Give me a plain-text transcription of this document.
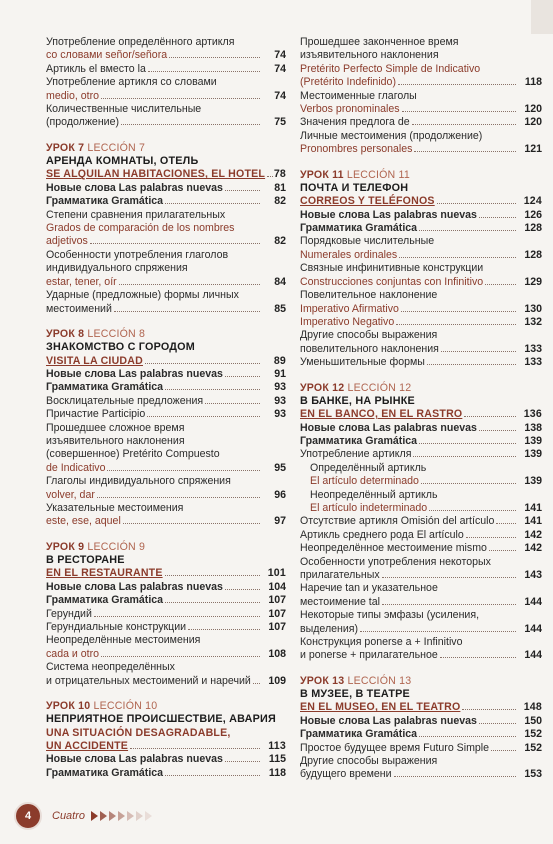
Употребление определённого артикля
со словами señor/señora	74
Артикль el вместо la	74
Употребление артикля со словами
medio, otro	74
Количественные числительные
(продолжение)	75
УРОК 7 LECCIÓN 7
АРЕНДА КОМНАТЫ, ОТЕЛЬ
SE ALQUILAN HABITACIONES, EL HOTEL 78
Новые слова Las palabras nuevas	81
Грамматика Gramática	82
Степени сравнения прилагательных
Grados de comparación de los nombres
adjetivos	82
Особенности употребления глаголов
индивидуального спряжения
estar, tener, oír	84
Ударные (предложные) формы личных
местоимений	85
УРОК 8 LECCIÓN 8
ЗНАКОМСТВО С ГОРОДОМ
VISITA LA CIUDAD	89
Новые слова Las palabras nuevas	91
Грамматика Gramática	93
Восклицательные предложения	93
Причастие Participio	93
Прошедшее сложное время
изъявительного наклонения
(совершенное) Pretérito Compuesto
de Indicativo	95
Глаголы индивидуального спряжения
volver, dar	96
Указательные местоимения
este, ese, aquel	97
УРОК 9 LECCIÓN 9
В РЕСТОРАНЕ
EN EL RESTAURANTE	101
Новые слова Las palabras nuevas	104
Грамматика Gramática	107
Герундий	107
Герундиальные конструкции	107
Неопределённые местоимения
cada и otro	108
Система неопределённых
и отрицательных местоимений и наречий 109
УРОК 10 LECCIÓN 10
НЕПРИЯТНОЕ ПРОИСШЕСТВИЕ, АВАРИЯ
UNA SITUACIÓN DESAGRADABLE,
UN ACCIDENTE	113
Новые слова Las palabras nuevas	115
Грамматика Gramática	118
Прошедшее законченное время
изъявительного наклонения
Pretérito Perfecto Simple de Indicativo
(Pretérito Indefinido)	118
Местоименные глаголы
Verbos pronominales	120
Значения предлога de	120
Личные местоимения (продолжение)
Pronombres personales	121
УРОК 11 LECCIÓN 11
ПОЧТА И ТЕЛЕФОН
CORREOS Y TELÉFONOS	124
Новые слова Las palabras nuevas	126
Грамматика Gramática	128
Порядковые числительные
Numerales ordinales	128
Связные инфинитивные конструкции
Construcciones conjuntas con Infinitivo	129
Повелительное наклонение
Imperativo Afirmativo	130
Imperativo Negativo	132
Другие способы выражения
повелительного наклонения	133
Уменьшительные формы	133
УРОК 12 LECCIÓN 12
В БАНКЕ, НА РЫНКЕ
EN EL BANCO, EN EL RASTRO	136
Новые слова Las palabras nuevas	138
Грамматика Gramática	139
Употребление артикля	139
Определённый артикль
El artículo determinado	139
Неопределённый артикль
El artículo indeterminado	141
Отсутствие артикля Omisión del artículo	141
Артикль среднего рода El artículo	142
Неопределённое местоимение mismo	142
Особенности употребления некоторых
прилагательных	143
Наречие tan и указательное
местоимение tal	144
Некоторые типы эмфазы (усиления,
выделения)	144
Конструкция ponerse a + Infinitivo
и ponerse + прилагательное	144
УРОК 13 LECCIÓN 13
В МУЗЕЕ, В ТЕАТРЕ
EN EL MUSEO, EN EL TEATRO	148
Новые слова Las palabras nuevas	150
Грамматика Gramática	152
Простое будущее время Futuro Simple	152
Другие способы выражения
будущего времени	153
4	Cuatro
